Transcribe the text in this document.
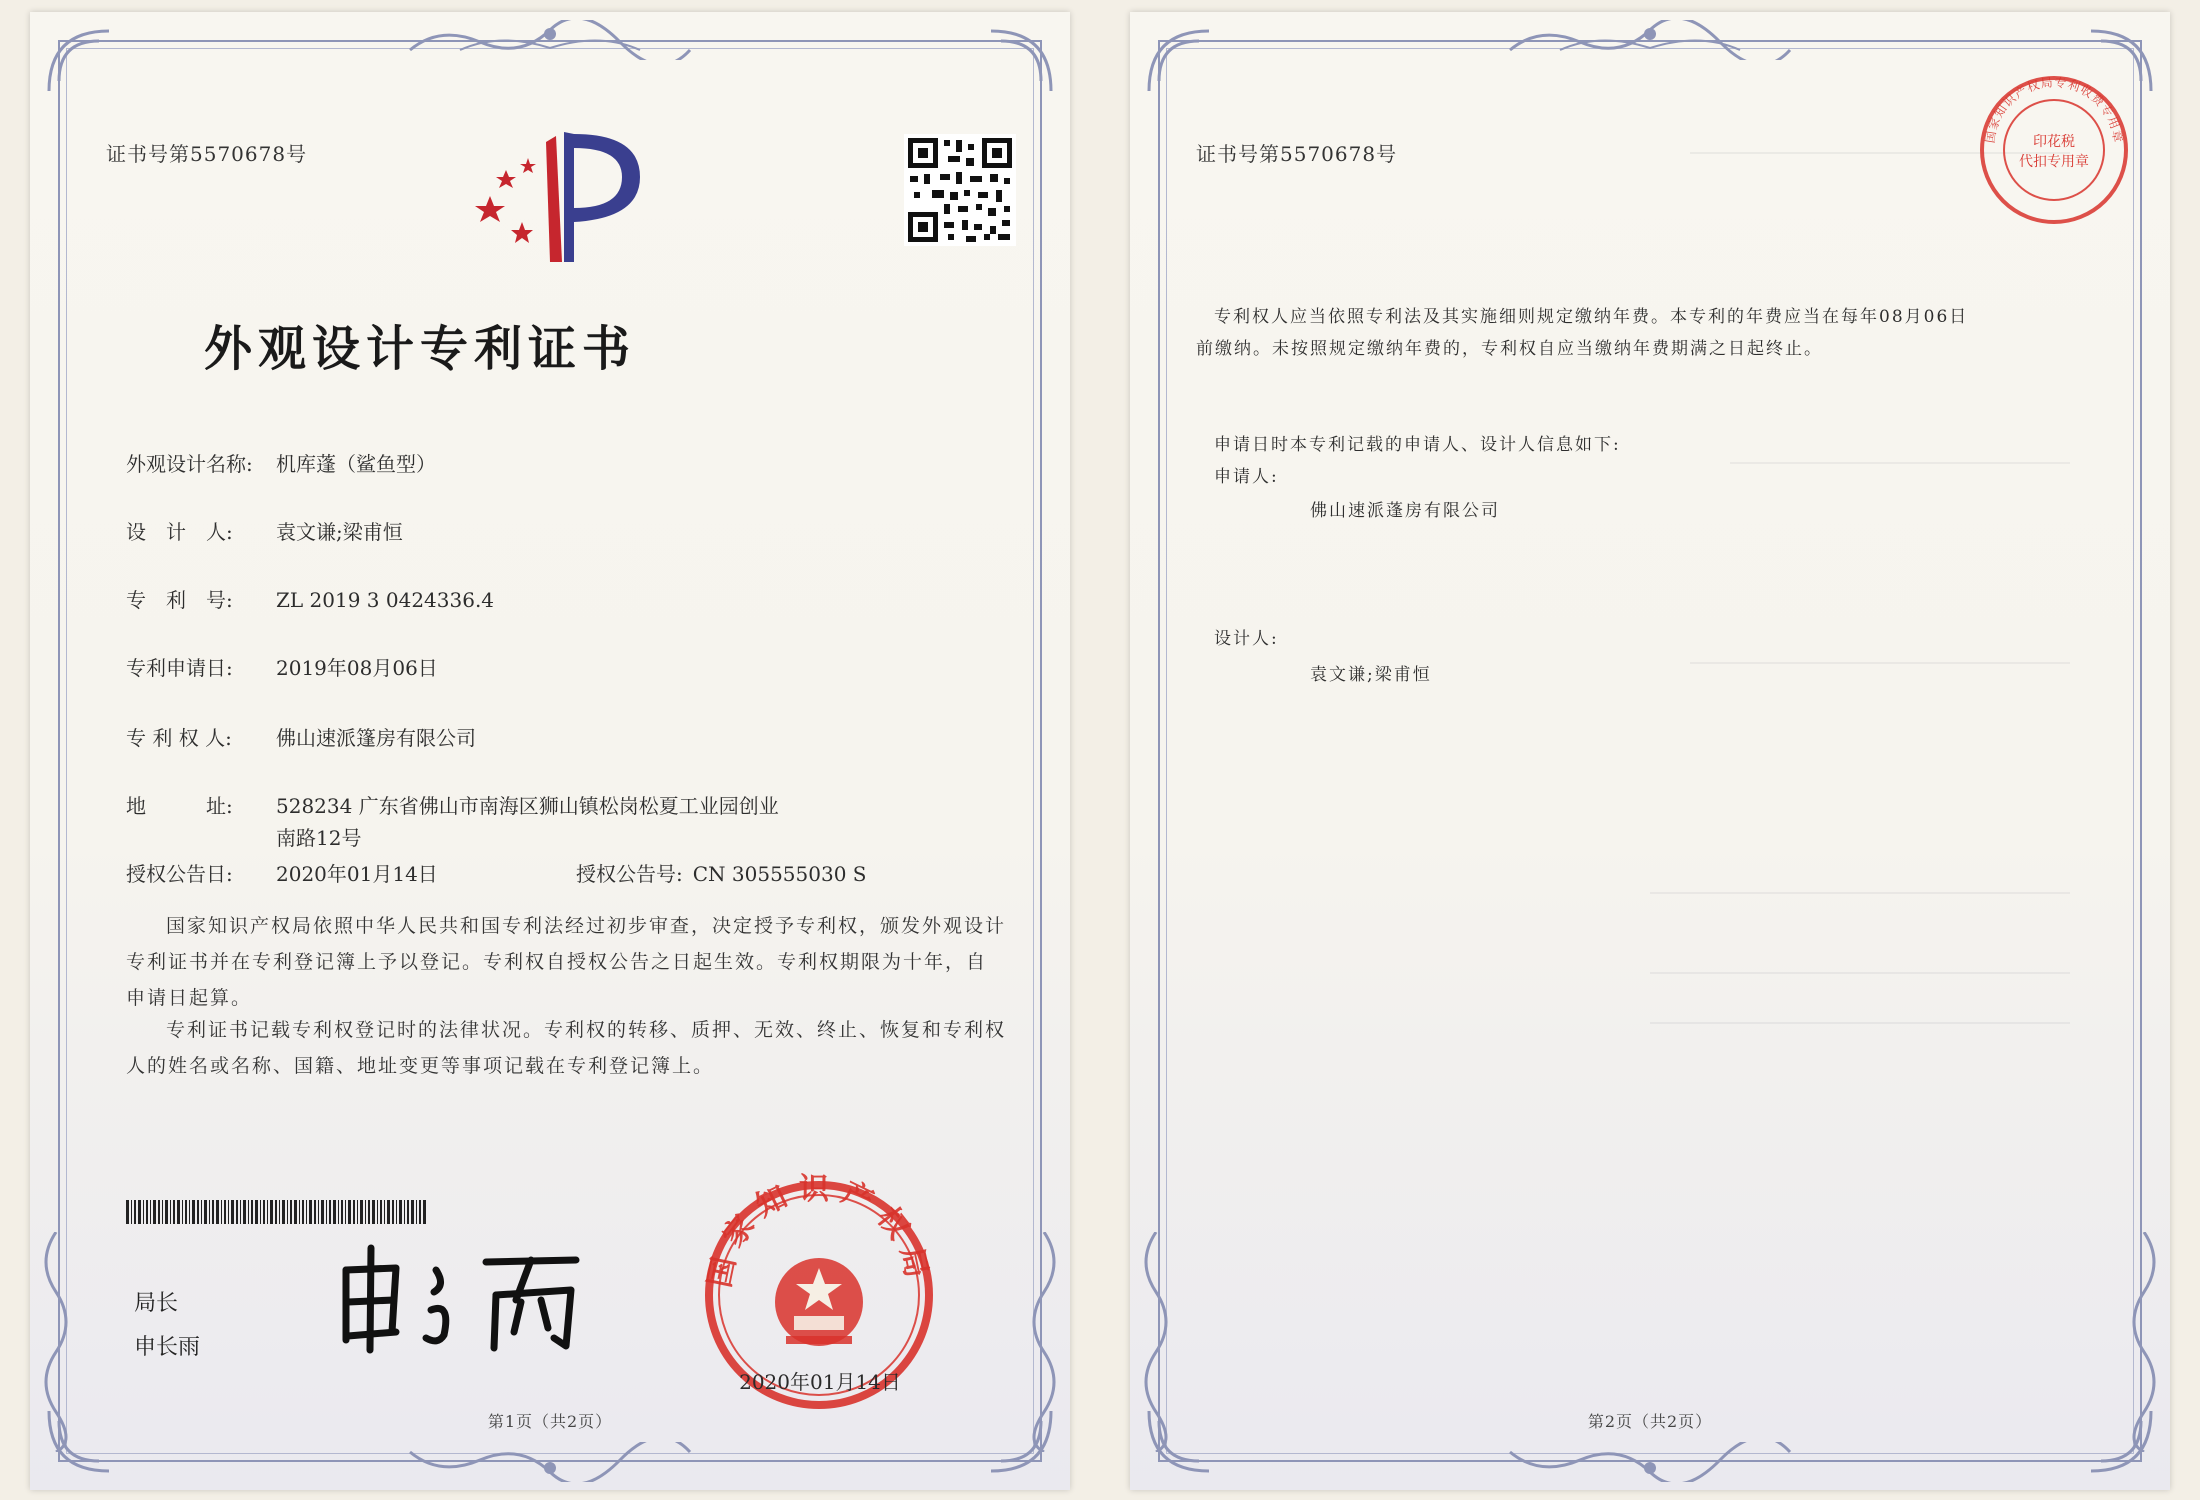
证书号第5570678号
外观设计专利证书
外观设计名称: 机库蓬（鲨鱼型）
设　计　人: 袁文谦;梁甫恒
专　利　号: ZL 2019 3 0424336.4
专利申请日: 2019年08月06日
专 利 权 人: 佛山速派篷房有限公司
地　　　址: 528234 广东省佛山市南海区狮山镇松岗松夏工业园创业
南路12号
授权公告日: 2020年01月14日	授权公告号: CN 305555030 S
国家知识产权局依照中华人民共和国专利法经过初步审查，决定授予专利权，颁发外观设计专利证书并在专利登记簿上予以登记。专利权自授权公告之日起生效。专利权期限为十年，自申请日起算。
专利证书记载专利权登记时的法律状况。专利权的转移、质押、无效、终止、恢复和专利权人的姓名或名称、国籍、地址变更等事项记载在专利登记簿上。
局长
申长雨
国家知识产权局
2020年01月14日
第1页（共2页）
证书号第5570678号
国家知识产权局专利收费专用章
印花税
代扣专用章
专利权人应当依照专利法及其实施细则规定缴纳年费。本专利的年费应当在每年08月06日
前缴纳。未按照规定缴纳年费的，专利权自应当缴纳年费期满之日起终止。
申请日时本专利记载的申请人、设计人信息如下:
申请人:
佛山速派蓬房有限公司
设计人:
袁文谦;梁甫恒
第2页（共2页）
